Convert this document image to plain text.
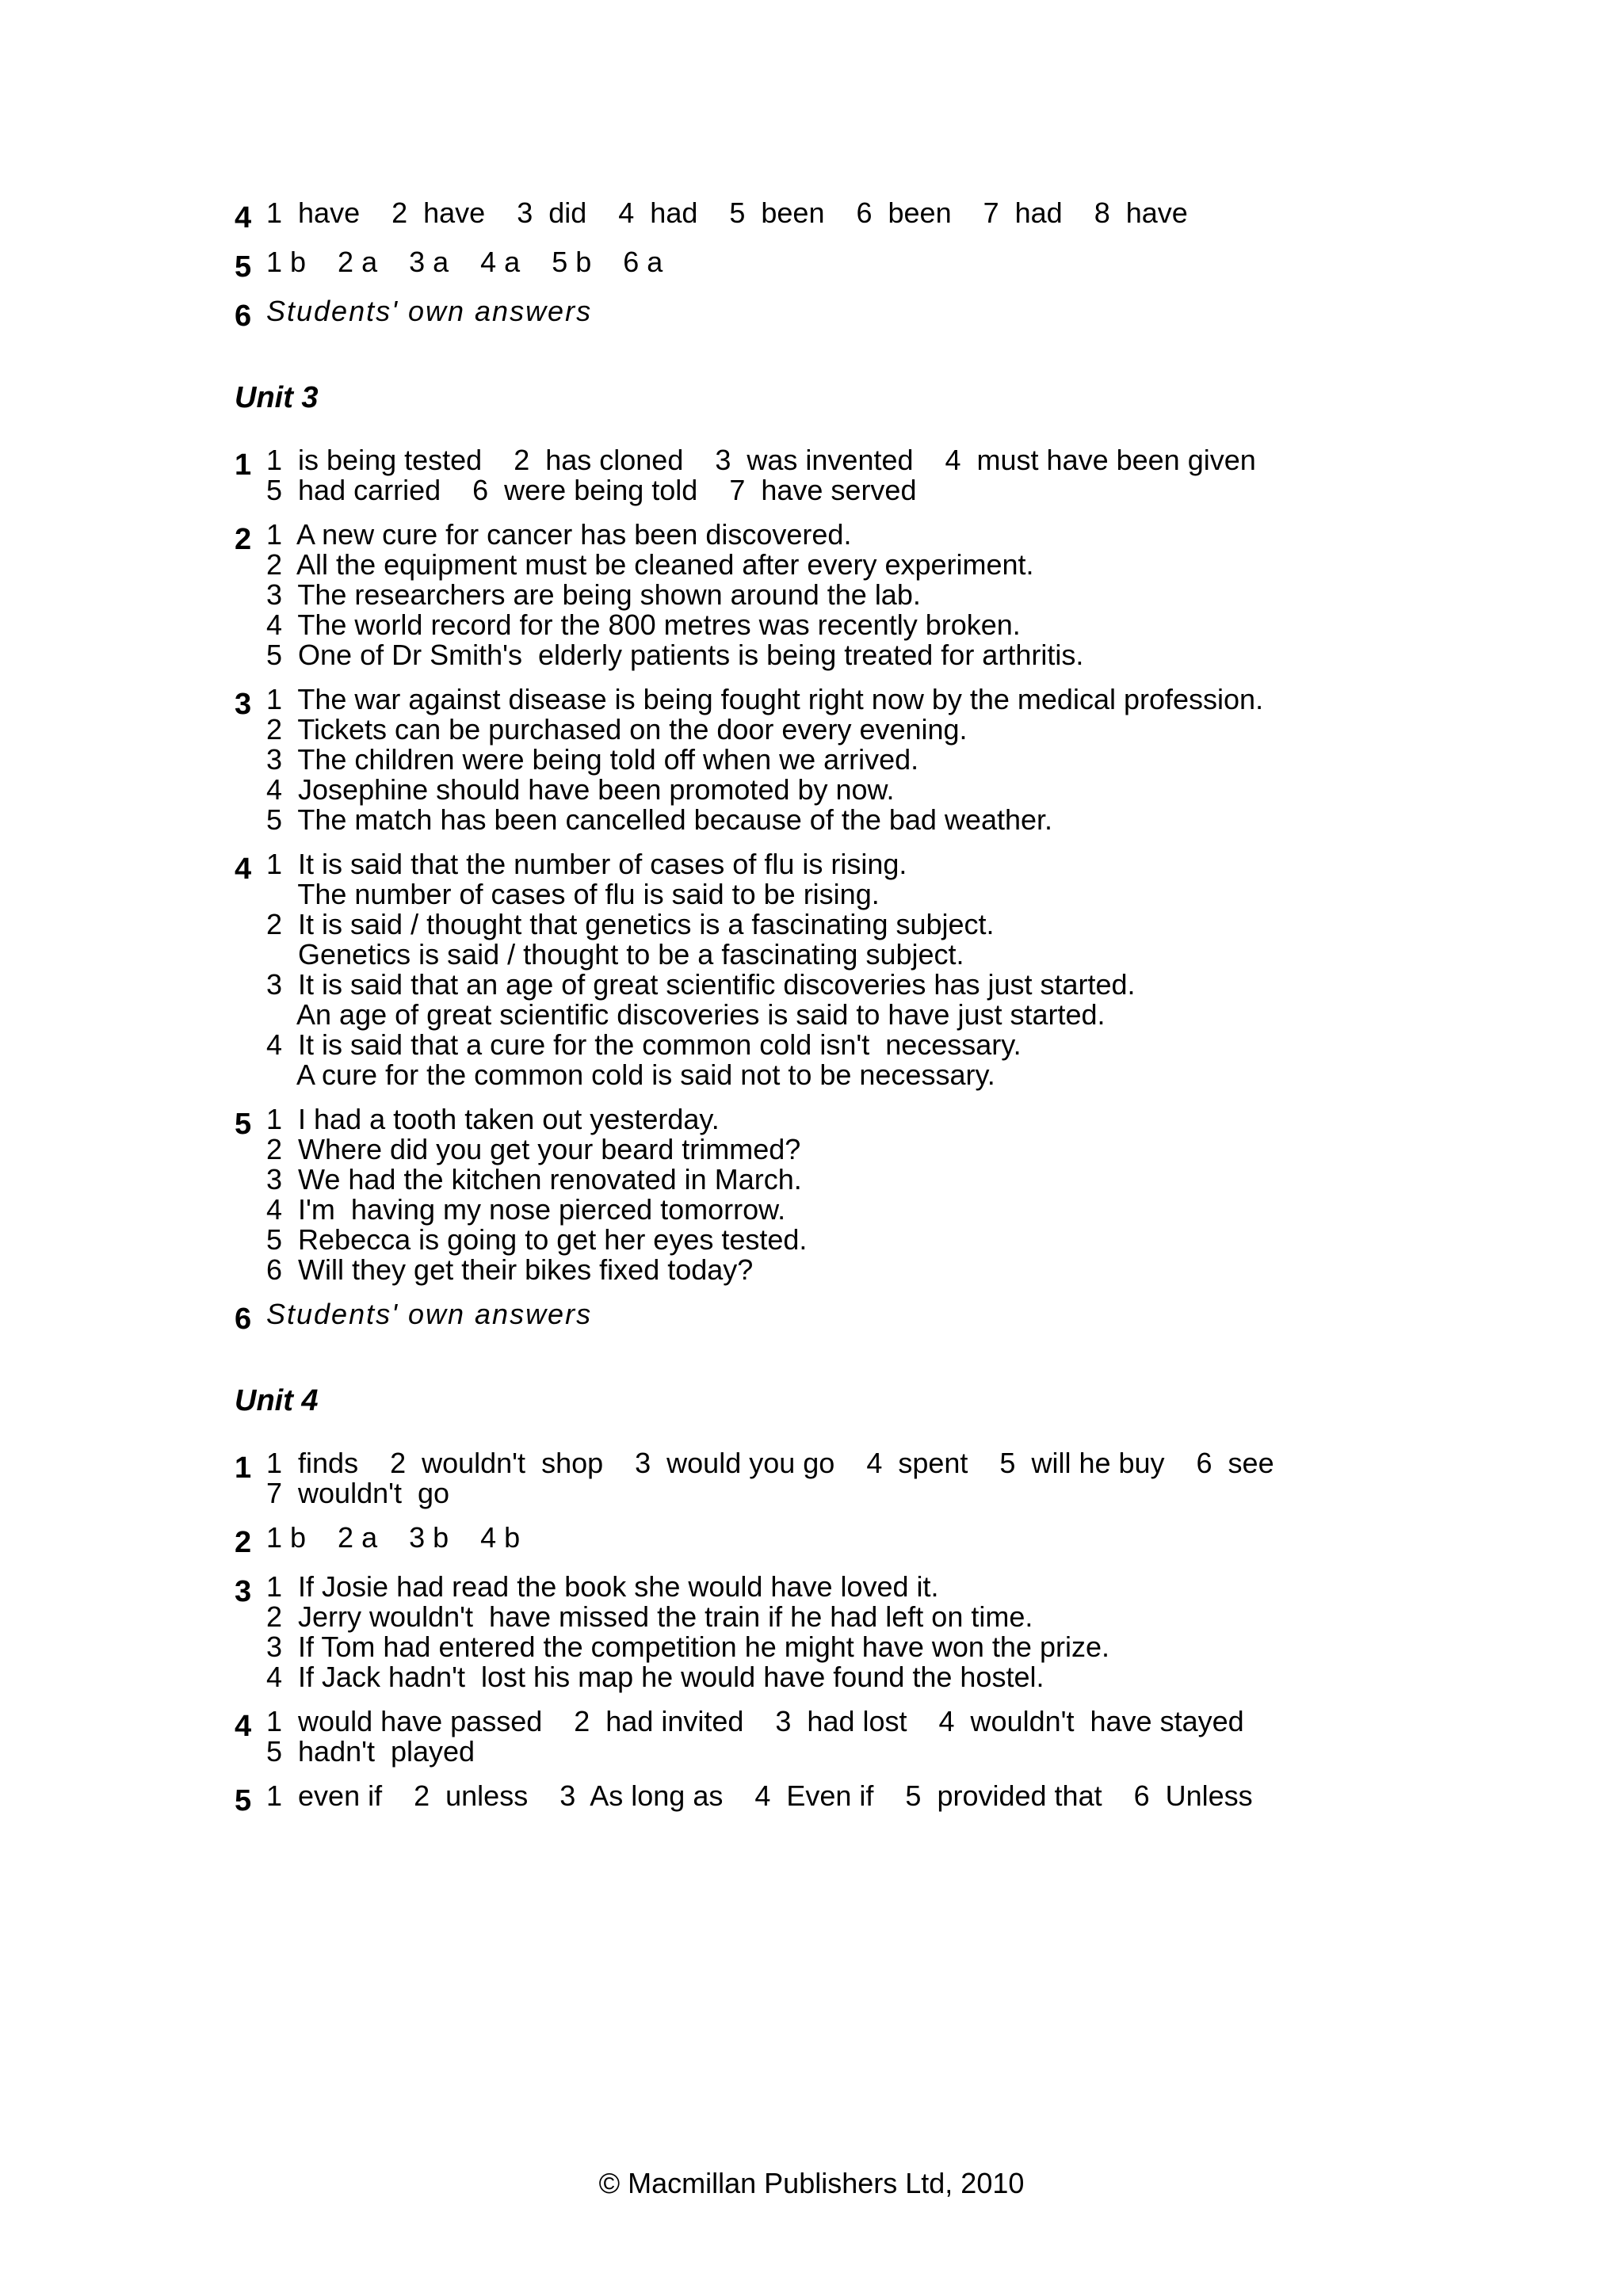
4 1  have    2  have    3  did    4  had    5  been    6  been    7  had    8  have
5 1 b    2 a    3 a    4 a    5 b    6 a
6 Students' own answers
Unit 3
1 1  is being tested    2  has cloned    3  was invented    4  must have been given
5  had carried    6  were being told    7  have served
2 1  A new cure for cancer has been discovered.
2  All the equipment must be cleaned after every experiment.
3  The researchers are being shown around the lab.
4  The world record for the 800 metres was recently broken.
5  One of Dr Smith's  elderly patients is being treated for arthritis.
3 1  The war against disease is being fought right now by the medical profession.
2  Tickets can be purchased on the door every evening.
3  The children were being told off when we arrived.
4  Josephine should have been promoted by now.
5  The match has been cancelled because of the bad weather.
4 1  It is said that the number of cases of flu is rising.
The number of cases of flu is said to be rising.
2  It is said / thought that genetics is a fascinating subject.
Genetics is said / thought to be a fascinating subject.
3  It is said that an age of great scientific discoveries has just started.
An age of great scientific discoveries is said to have just started.
4  It is said that a cure for the common cold isn't  necessary.
A cure for the common cold is said not to be necessary.
5 1  I had a tooth taken out yesterday.
2  Where did you get your beard trimmed?
3  We had the kitchen renovated in March.
4  I'm  having my nose pierced tomorrow.
5  Rebecca is going to get her eyes tested.
6  Will they get their bikes fixed today?
6 Students' own answers
Unit 4
1 1  finds    2  wouldn't  shop    3  would you go    4  spent    5  will he buy    6  see
7  wouldn't  go
2 1 b    2 a    3 b    4 b
3 1  If Josie had read the book she would have loved it.
2  Jerry wouldn't  have missed the train if he had left on time.
3  If Tom had entered the competition he might have won the prize.
4  If Jack hadn't  lost his map he would have found the hostel.
4 1  would have passed    2  had invited    3  had lost    4  wouldn't  have stayed
5  hadn't  played
5 1  even if    2  unless    3  As long as    4  Even if    5  provided that    6  Unless
© Macmillan Publishers Ltd, 2010
